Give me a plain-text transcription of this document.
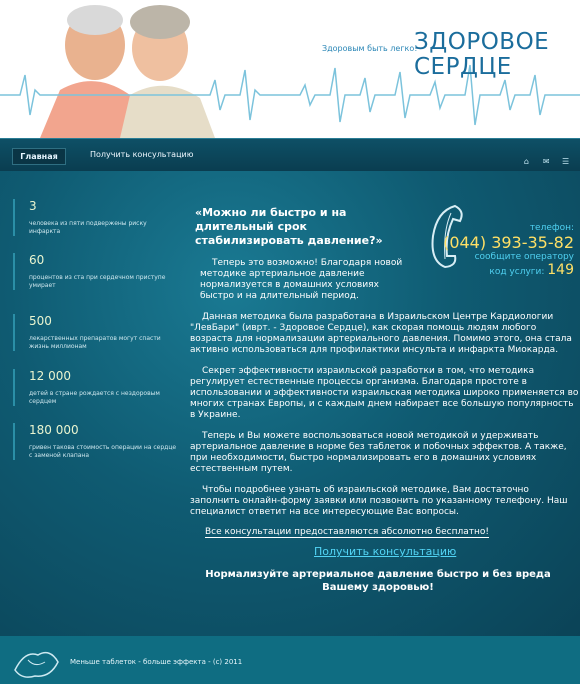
Здоровым быть легко!
ЗДОРОВОЕ
СЕРДЦЕ
Главная	Получить консультацию
⌂ ✉ ☰
3
человека из пяти подвержены риску инфаркта
60
процентов из ста при сердечном приступе умирает
500
лекарственных препаратов могут спасти жизнь миллионам
12 000
детей в стране рождается с нездоровым сердцем
180 000
гривен такова стоимость операции на сердце с заменой клапана
телефон:
(044) 393-35-82
сообщите оператору
код услуги: 149
«Можно ли быстро и на длительный срок стабилизировать давление?»
Теперь это возможно! Благодаря новой методике артериальное давление нормализуется в домашних условиях быстро и на длительный период.
Данная методика была разработана в Израильском Центре Кардиологии "ЛевБари" (иврт. - Здоровое Сердце), как скорая помощь людям любого возраста для нормализации артериального давления. Помимо этого, она стала активно использоваться для профилактики инсульта и инфаркта Миокарда.
Секрет эффективности израильской разработки в том, что методика регулирует естественные процессы организма. Благодаря простоте в использовании и эффективности израильская методика широко применяется во многих странах Европы, и с каждым днем набирает все большую популярность в Украине.
Теперь и Вы можете воспользоваться новой методикой и удерживать артериальное давление в норме без таблеток и побочных эффектов. А также, при необходимости, быстро нормализировать его в домашних условиях естественным путем.
Чтобы подробнее узнать об израильской методике, Вам достаточно заполнить онлайн-форму заявки или позвонить по указанному телефону. Наш специалист ответит на все интересующие Вас вопросы.
Все консультации предоставляются абсолютно бесплатно!
Получить консультацию
Нормализуйте артериальное давление быстро и без вреда Вашему здоровью!
Меньше таблеток - больше эффекта - (с) 2011
